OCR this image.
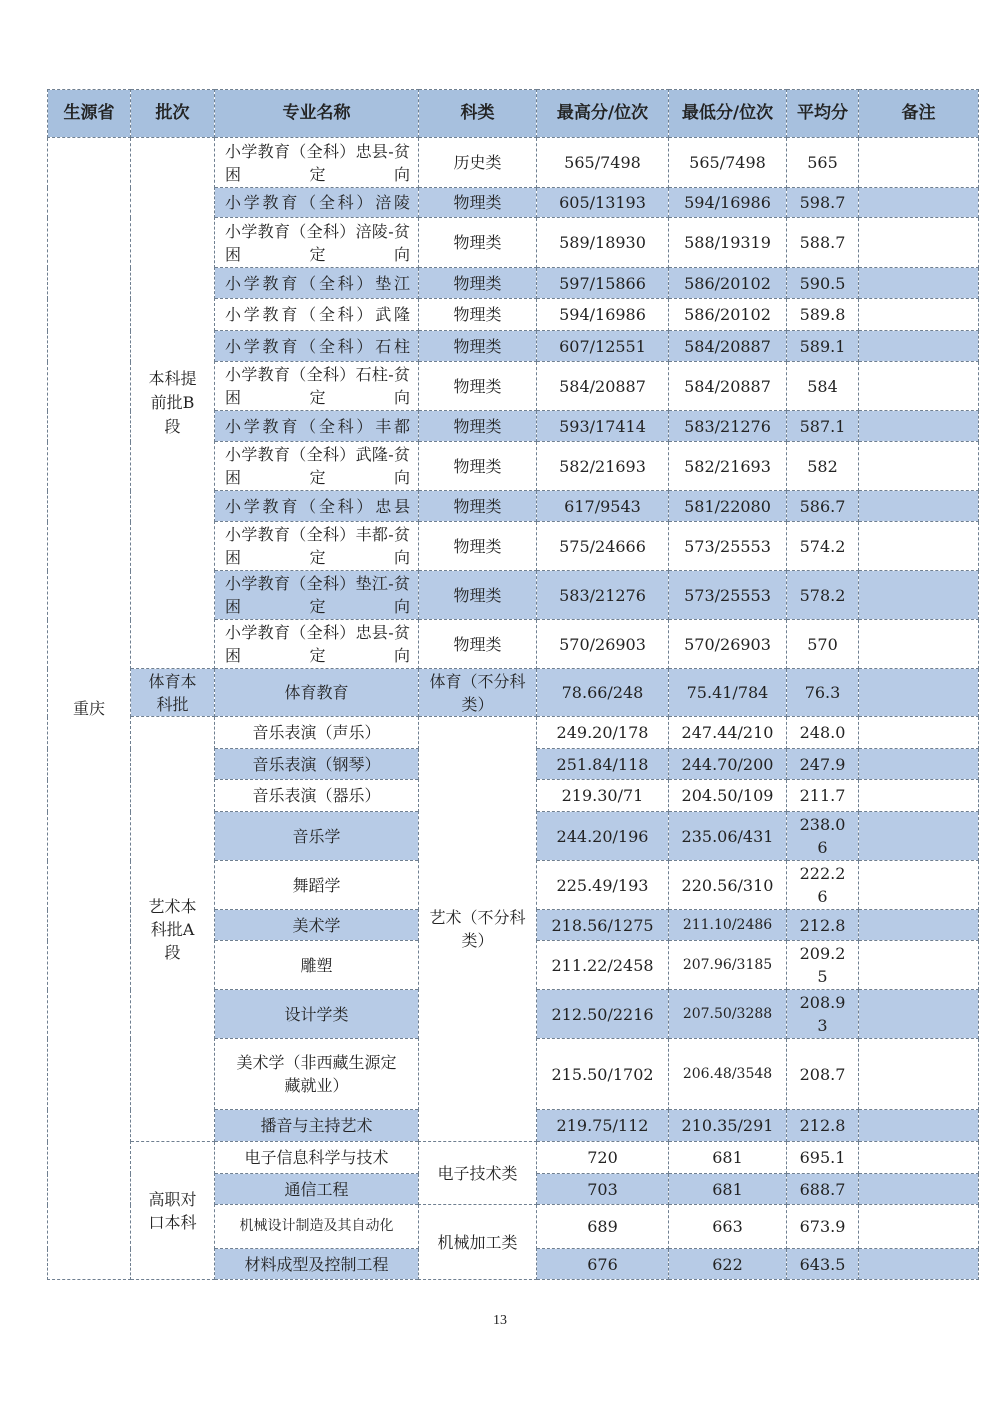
生源省	批次	专业名称	科类	最高分/位次	最低分/位次	平均分	备注
重庆	本科提前批B段	小学教育（全科）忠县-贫困定向	历史类	565/7498	565/7498	565	
		小学教育（全科）涪陵	物理类	605/13193	594/16986	598.7	
		小学教育（全科）涪陵-贫困定向	物理类	589/18930	588/19319	588.7	
		小学教育（全科）垫江	物理类	597/15866	586/20102	590.5	
		小学教育（全科）武隆	物理类	594/16986	586/20102	589.8	
		小学教育（全科）石柱	物理类	607/12551	584/20887	589.1	
		小学教育（全科）石柱-贫困定向	物理类	584/20887	584/20887	584	
		小学教育（全科）丰都	物理类	593/17414	583/21276	587.1	
		小学教育（全科）武隆-贫困定向	物理类	582/21693	582/21693	582	
		小学教育（全科）忠县	物理类	617/9543	581/22080	586.7	
		小学教育（全科）丰都-贫困定向	物理类	575/24666	573/25553	574.2	
		小学教育（全科）垫江-贫困定向	物理类	583/21276	573/25553	578.2	
		小学教育（全科）忠县-贫困定向	物理类	570/26903	570/26903	570	
	体育本科批	体育教育	体育（不分科类）	78.66/248	75.41/784	76.3	
	艺术本科批A段	音乐表演（声乐）	艺术（不分科类）	249.20/178	247.44/210	248.0	
		音乐表演（钢琴）		251.84/118	244.70/200	247.9	
		音乐表演（器乐）		219.30/71	204.50/109	211.7	
		音乐学		244.20/196	235.06/431	238.06	
		舞蹈学		225.49/193	220.56/310	222.26	
		美术学		218.56/1275	211.10/2486	212.8	
		雕塑		211.22/2458	207.96/3185	209.25	
		设计学类		212.50/2216	207.50/3288	208.93	
		美术学（非西藏生源定藏就业）		215.50/1702	206.48/3548	208.7	
		播音与主持艺术		219.75/112	210.35/291	212.8	
	高职对口本科	电子信息科学与技术	电子技术类	720	681	695.1	
		通信工程		703	681	688.7	
		机械设计制造及其自动化	机械加工类	689	663	673.9	
		材料成型及控制工程		676	622	643.5	
13
